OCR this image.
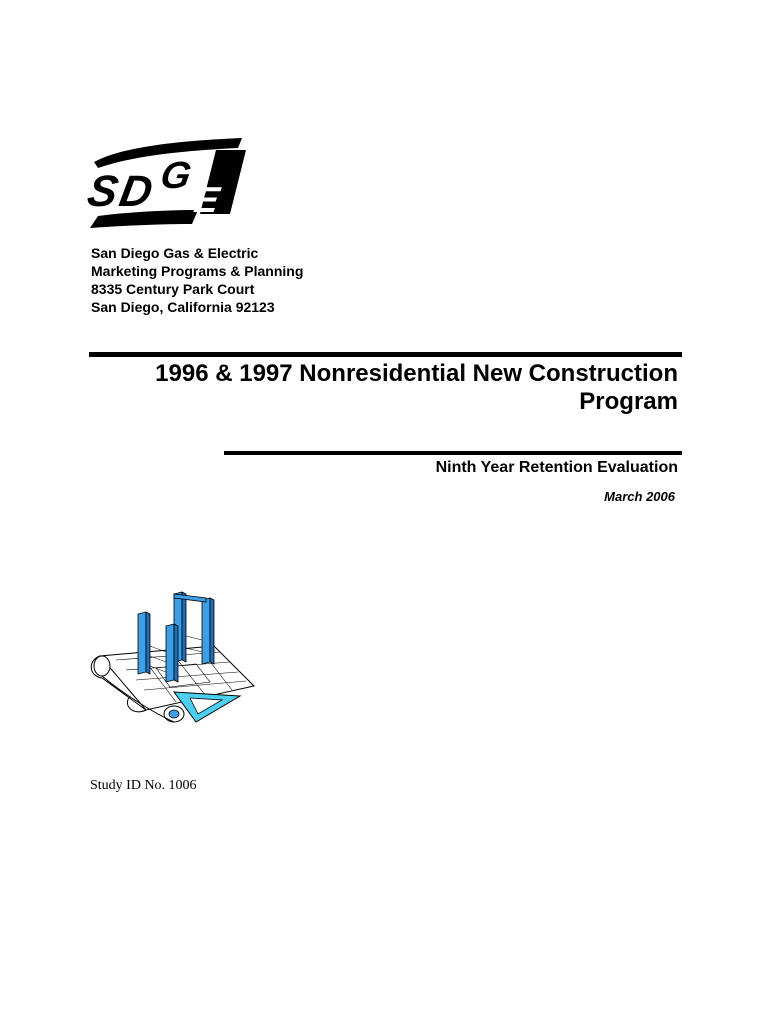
S
D G
E
San Diego Gas & Electric
Marketing Programs & Planning
8335 Century Park Court
San Diego, California 92123
1996 & 1997 Nonresidential New Construction
Program
Ninth Year Retention Evaluation
March 2006
Study ID No. 1006
